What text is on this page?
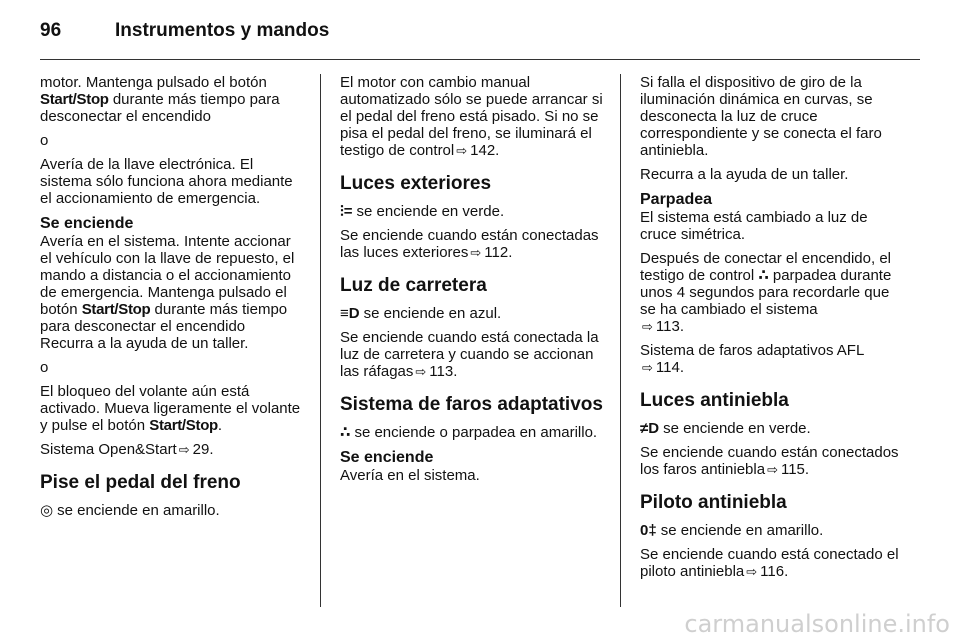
96	Instrumentos y mandos

motor. Mantenga pulsado el botón Start/Stop durante más tiempo para desconectar el encendido

o

Avería de la llave electrónica. El sistema sólo funciona ahora mediante el accionamiento de emergencia.

Se enciende

Avería en el sistema. Intente accionar el vehículo con la llave de repuesto, el mando a distancia o el accionamiento de emergencia. Mantenga pulsado el botón Start/Stop durante más tiempo para desconectar el encendido Recurra a la ayuda de un taller.

o

El bloqueo del volante aún está activado. Mueva ligeramente el volante y pulse el botón Start/Stop.

Sistema Open&Start ⇨ 29.

Pise el pedal del freno

◎ se enciende en amarillo.

El motor con cambio manual automatizado sólo se puede arrancar si el pedal del freno está pisado. Si no se pisa el pedal del freno, se iluminará el testigo de control ⇨ 142.

Luces exteriores

⫶= se enciende en verde.

Se enciende cuando están conectadas las luces exteriores ⇨ 112.

Luz de carretera

≡D se enciende en azul.

Se enciende cuando está conectada la luz de carretera y cuando se accionan las ráfagas ⇨ 113.

Sistema de faros adaptativos

∴ se enciende o parpadea en amarillo.

Se enciende

Avería en el sistema.

Si falla el dispositivo de giro de la iluminación dinámica en curvas, se desconecta la luz de cruce correspondiente y se conecta el faro antiniebla.

Recurra a la ayuda de un taller.

Parpadea

El sistema está cambiado a luz de cruce simétrica.

Después de conectar el encendido, el testigo de control ∴ parpadea durante unos 4 segundos para recordarle que se ha cambiado el sistema
⇨ 113.

Sistema de faros adaptativos AFL
⇨ 114.

Luces antiniebla

≠D se enciende en verde.

Se enciende cuando están conectados los faros antiniebla ⇨ 115.

Piloto antiniebla

0‡ se enciende en amarillo.

Se enciende cuando está conectado el piloto antiniebla ⇨ 116.

carmanualsonline.info
